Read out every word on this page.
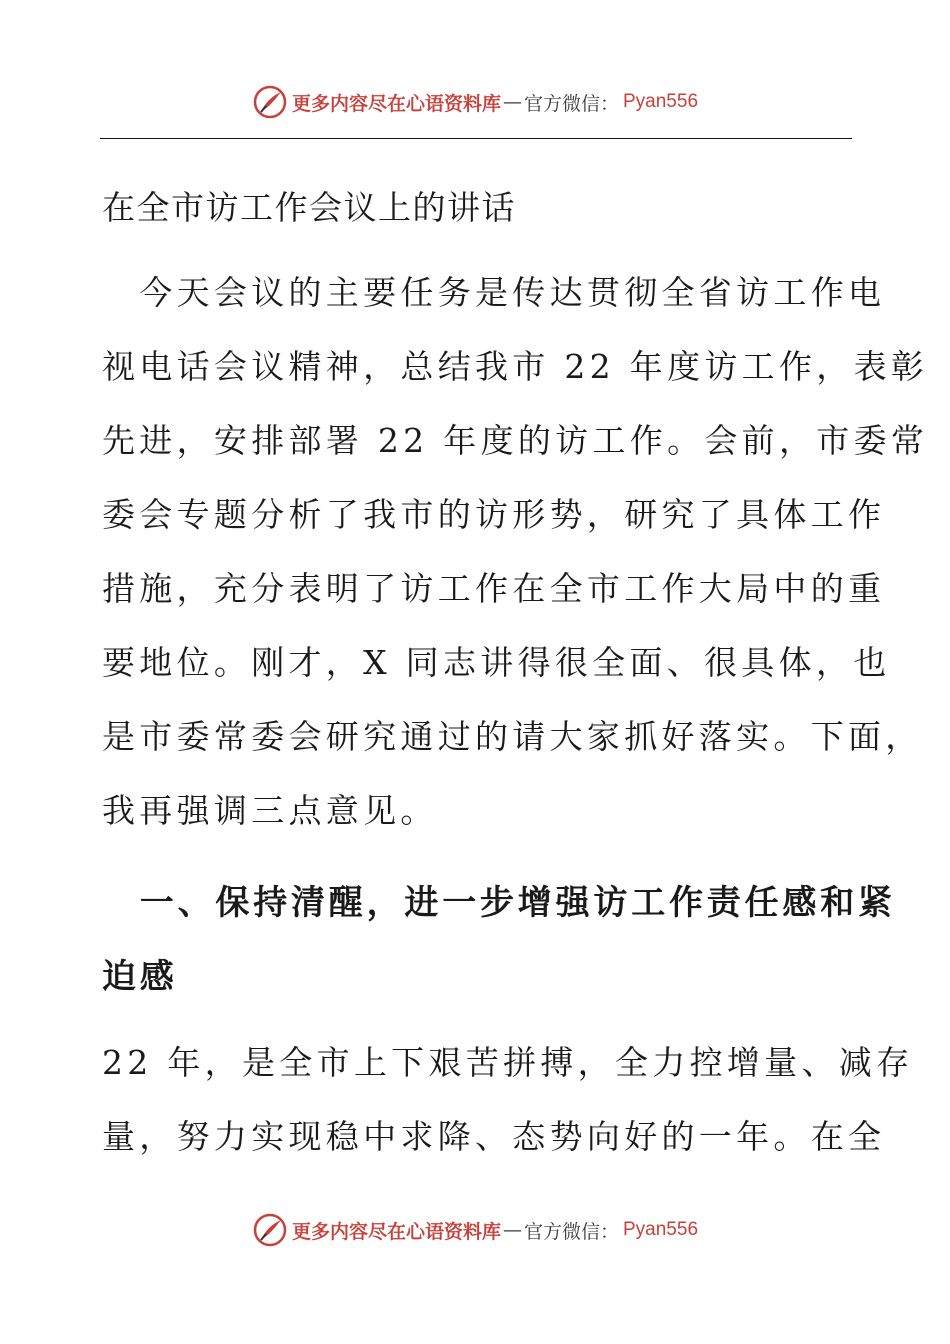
更多内容尽在心语资料库 — 官方微信： Pyan556
在全市访工作会议上的讲话

　今天会议的主要任务是传达贯彻全省访工作电
视电话会议精神，总结我市 22 年度访工作，表彰
先进，安排部署 22 年度的访工作。会前，市委常
委会专题分析了我市的访形势，研究了具体工作
措施，充分表明了访工作在全市工作大局中的重
要地位。刚才，X 同志讲得很全面、很具体，也
是市委常委会研究通过的请大家抓好落实。下面，
我再强调三点意见。

　一、保持清醒，进一步增强访工作责任感和紧
迫感

22 年，是全市上下艰苦拼搏，全力控增量、减存
量，努力实现稳中求降、态势向好的一年。在全

更多内容尽在心语资料库 — 官方微信： Pyan556
